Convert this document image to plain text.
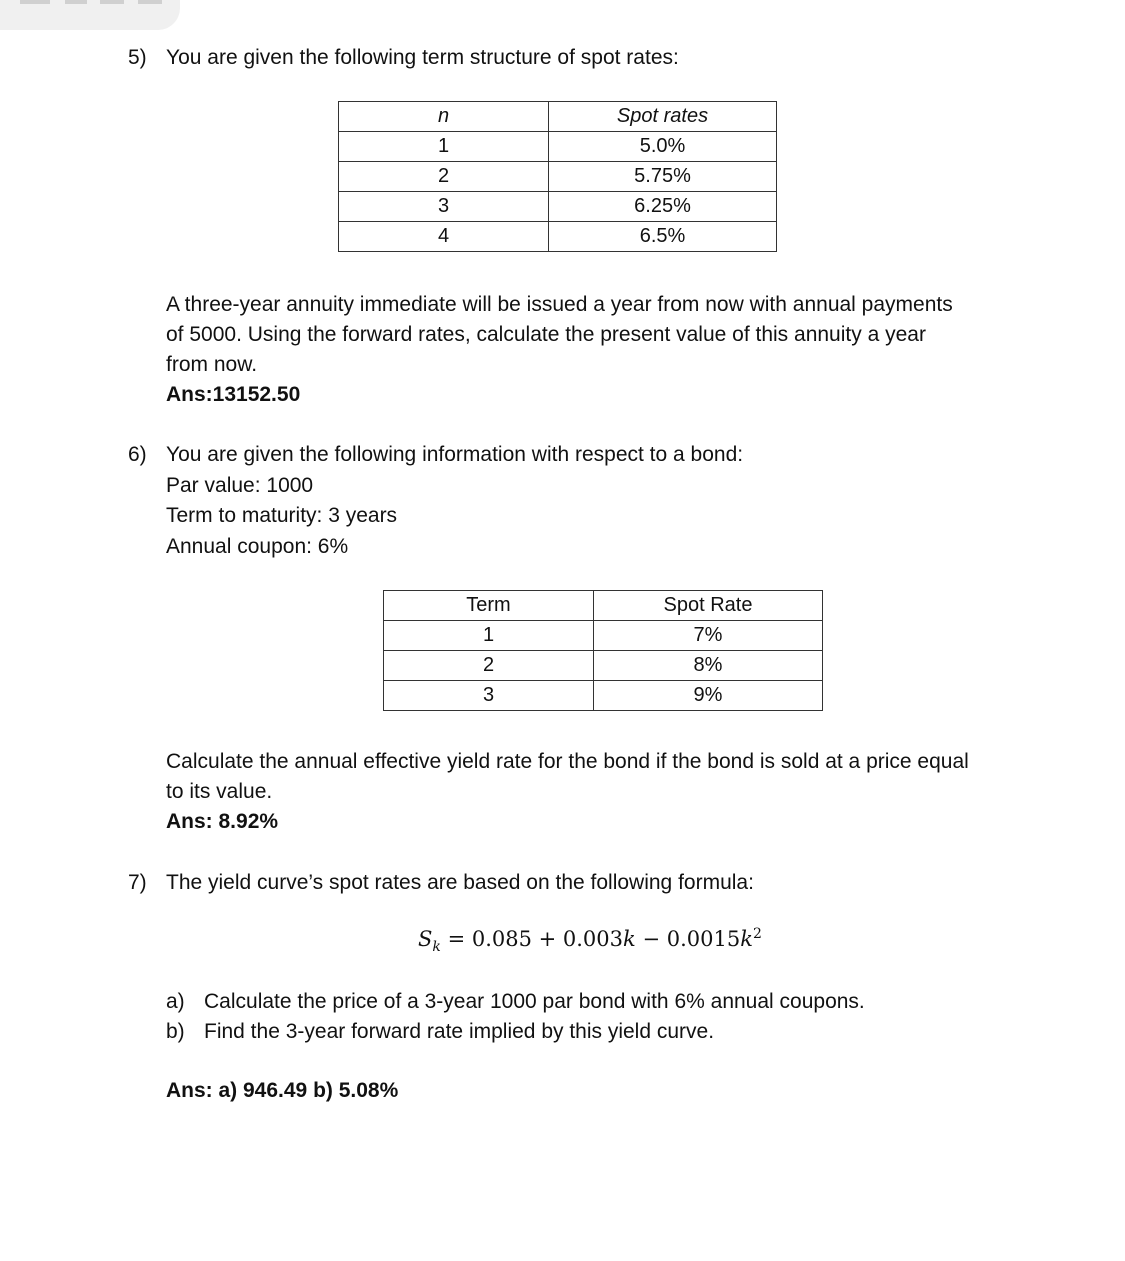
5) You are given the following term structure of spot rates:
n	Spot rates
1	5.0%
2	5.75%
3	6.25%
4	6.5%
A three-year annuity immediate will be issued a year from now with annual payments
of 5000. Using the forward rates, calculate the present value of this annuity a year
from now.
Ans:13152.50
6) You are given the following information with respect to a bond:
Par value: 1000
Term to maturity: 3 years
Annual coupon: 6%
Term	Spot Rate
1	7%
2	8%
3	9%
Calculate the annual effective yield rate for the bond if the bond is sold at a price equal
to its value.
Ans: 8.92%
7) The yield curve’s spot rates are based on the following formula:
$S_k = 0.085 + 0.003k - 0.0015k^2$
a) Calculate the price of a 3-year 1000 par bond with 6% annual coupons.
b) Find the 3-year forward rate implied by this yield curve.
Ans: a) 946.49 b) 5.08%
